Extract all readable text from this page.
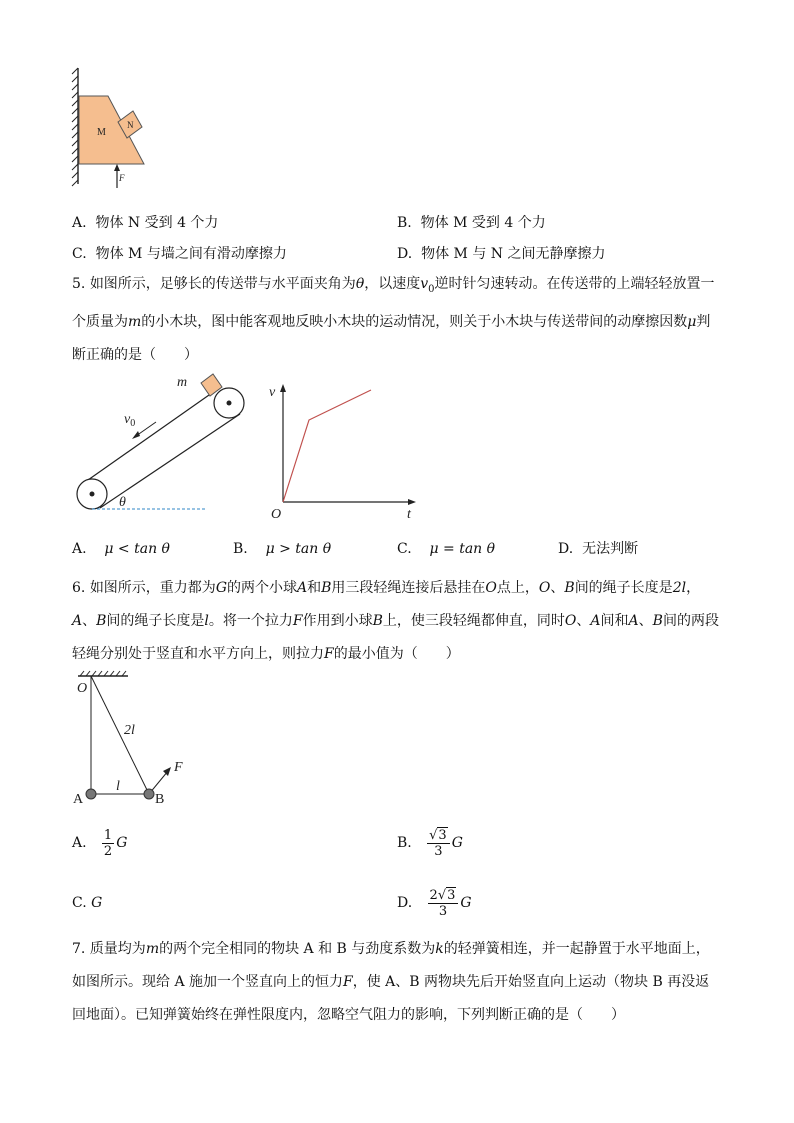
M
N
F
A. 物体 N 受到 4 个力	B. 物体 M 受到 4 个力
C. 物体 M 与墙之间有滑动摩擦力	D. 物体 M 与 N 之间无静摩擦力
5. 如图所示，足够长的传送带与水平面夹角为θ，以速度$v_0$逆时针匀速转动。在传送带的上端轻轻放置一个质量为m的小木块，图中能客观地反映小木块的运动情况，则关于小木块与传送带间的动摩擦因数μ判断正确的是（　　）
m
$v_0$
θ
v
t
O
A. μ < tan θ	B. μ > tan θ	C. μ = tan θ	D. 无法判断
6. 如图所示，重力都为G的两个小球A和B用三段轻绳连接后悬挂在O点上，O、B间的绳子长度是2l，A、B间的绳子长度是l。将一个拉力F作用到小球B上，使三段轻绳都伸直，同时O、A间和A、B间的两段轻绳分别处于竖直和水平方向上，则拉力F的最小值为（　　）
O
2l
l
F
A	B
A. $\frac{1}{2}$ G	B. $\frac{√3}{3}$ G
C. G	D. $\frac{2√3}{3}$ G
7. 质量均为m的两个完全相同的物块 A 和 B 与劲度系数为k的轻弹簧相连，并一起静置于水平地面上，如图所示。现给 A 施加一个竖直向上的恒力F，使 A、B 两物块先后开始竖直向上运动（物块 B 再没返回地面）。已知弹簧始终在弹性限度内，忽略空气阻力的影响，下列判断正确的是（　　）
